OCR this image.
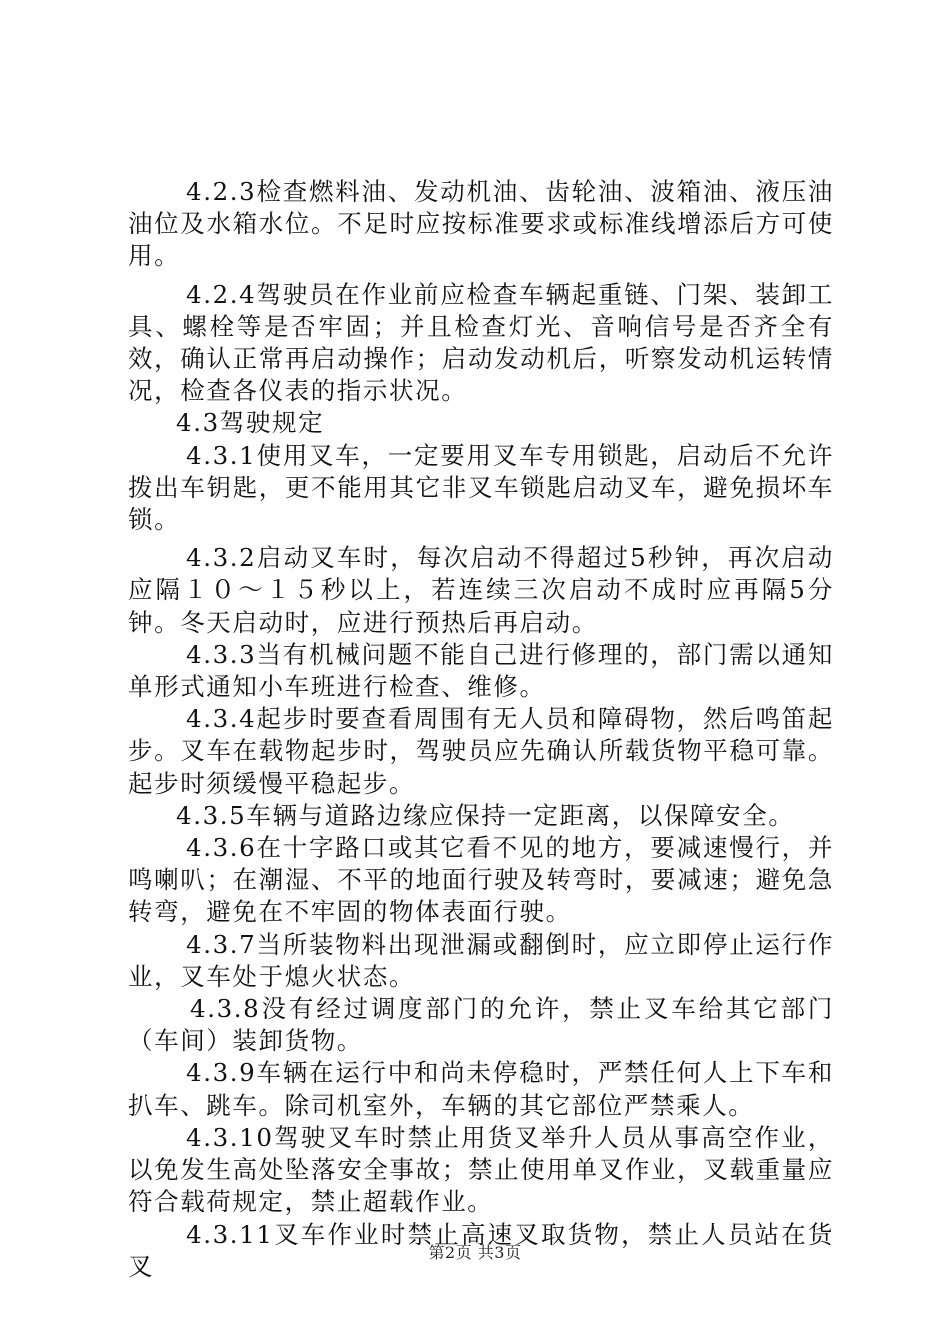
4.2.3检查燃料油、发动机油、齿轮油、波箱油、液压油油位及水箱水位。不足时应按标准要求或标准线增添后方可使用。

4.2.4驾驶员在作业前应检查车辆起重链、门架、装卸工具、螺栓等是否牢固；并且检查灯光、音响信号是否齐全有效，确认正常再启动操作；启动发动机后，听察发动机运转情况，检查各仪表的指示状况。

4.3驾驶规定

4.3.1使用叉车，一定要用叉车专用锁匙，启动后不允许拨出车钥匙，更不能用其它非叉车锁匙启动叉车，避免损坏车锁。

4.3.2启动叉车时，每次启动不得超过5秒钟，再次启动应隔１０～１５秒以上，若连续三次启动不成时应再隔5分钟。冬天启动时，应进行预热后再启动。

4.3.3当有机械问题不能自己进行修理的，部门需以通知单形式通知小车班进行检查、维修。

4.3.4起步时要查看周围有无人员和障碍物，然后鸣笛起步。叉车在载物起步时，驾驶员应先确认所载货物平稳可靠。起步时须缓慢平稳起步。

4.3.5车辆与道路边缘应保持一定距离，以保障安全。

4.3.6在十字路口或其它看不见的地方，要减速慢行，并鸣喇叭；在潮湿、不平的地面行驶及转弯时，要减速；避免急转弯，避免在不牢固的物体表面行驶。

4.3.7当所装物料出现泄漏或翻倒时，应立即停止运行作业，叉车处于熄火状态。

4.3.8没有经过调度部门的允许，禁止叉车给其它部门（车间）装卸货物。

4.3.9车辆在运行中和尚未停稳时，严禁任何人上下车和扒车、跳车。除司机室外，车辆的其它部位严禁乘人。

4.3.10驾驶叉车时禁止用货叉举升人员从事高空作业，以免发生高处坠落安全事故；禁止使用单叉作业，叉载重量应符合载荷规定，禁止超载作业。

4.3.11叉车作业时禁止高速叉取货物，禁止人员站在货叉	第2页 共3页
